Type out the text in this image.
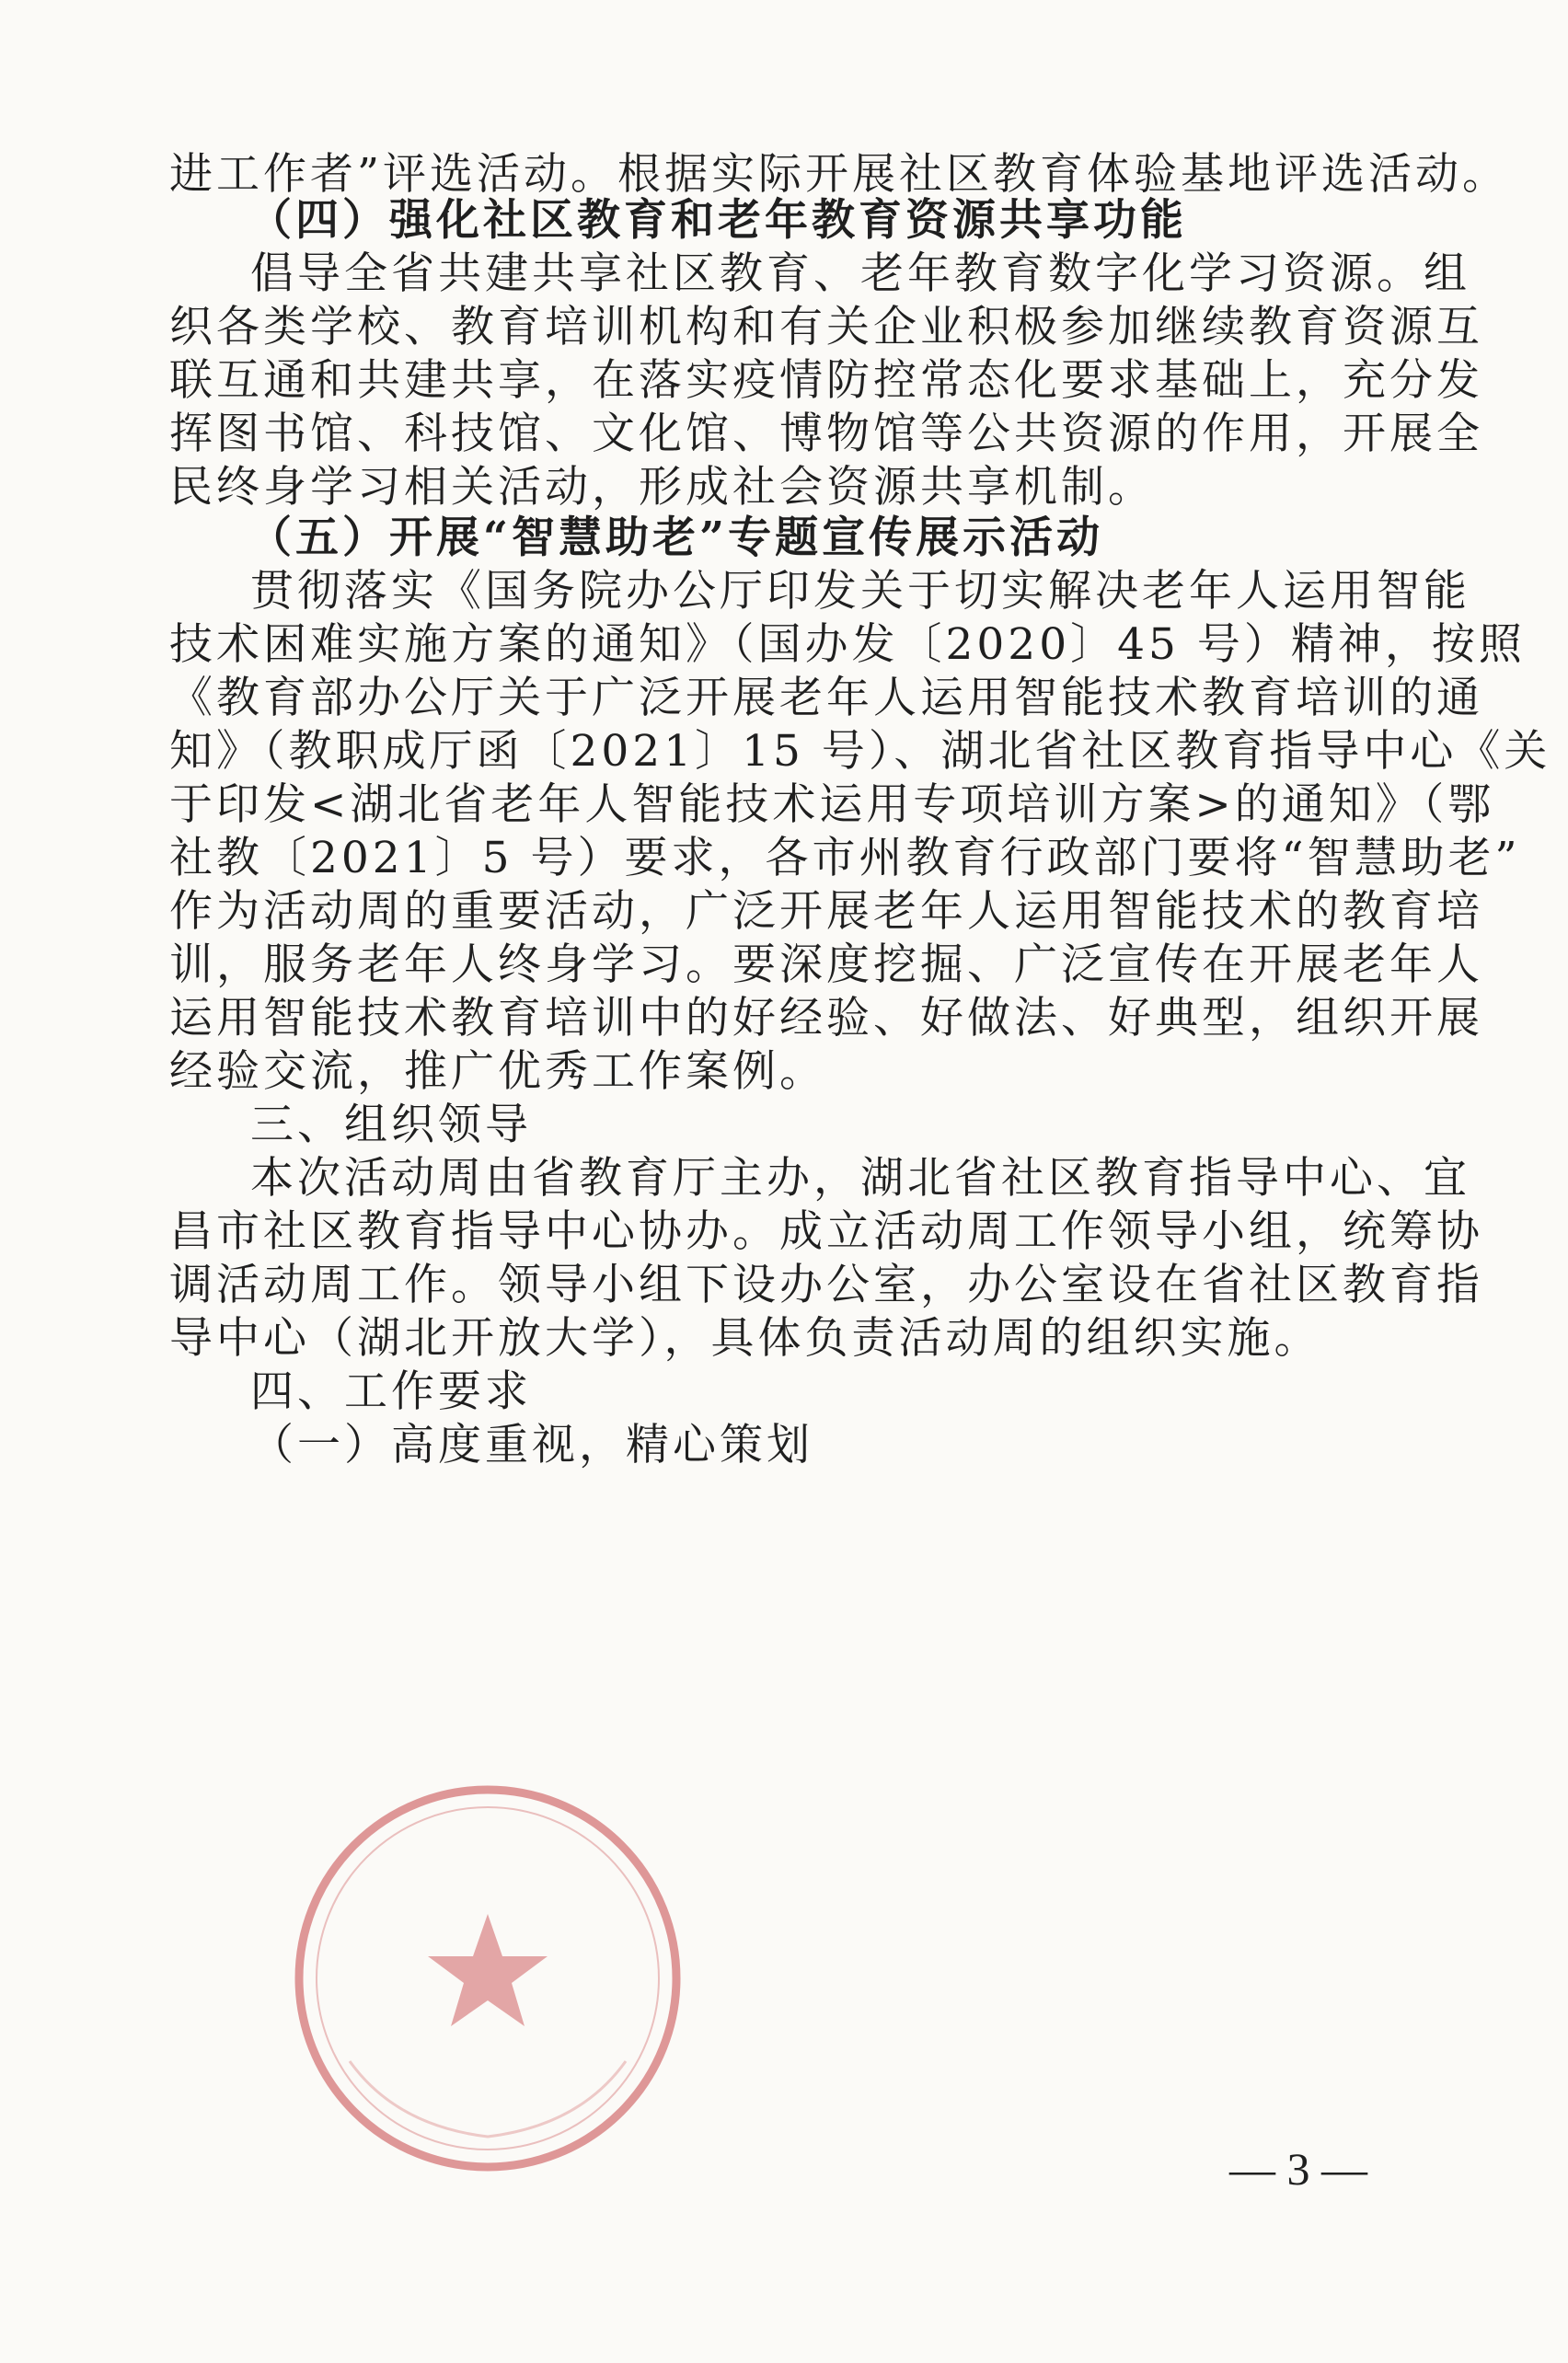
进工作者”评选活动。根据实际开展社区教育体验基地评选活动。
（四）强化社区教育和老年教育资源共享功能
倡导全省共建共享社区教育、老年教育数字化学习资源。组
织各类学校、教育培训机构和有关企业积极参加继续教育资源互
联互通和共建共享，在落实疫情防控常态化要求基础上，充分发
挥图书馆、科技馆、文化馆、博物馆等公共资源的作用，开展全
民终身学习相关活动，形成社会资源共享机制。
（五）开展“智慧助老”专题宣传展示活动
贯彻落实《国务院办公厅印发关于切实解决老年人运用智能
技术困难实施方案的通知》（国办发〔2020〕45 号）精神，按照
《教育部办公厅关于广泛开展老年人运用智能技术教育培训的通
知》（教职成厅函〔2021〕15 号）、湖北省社区教育指导中心《关
于印发<湖北省老年人智能技术运用专项培训方案>的通知》（鄂
社教〔2021〕5 号）要求，各市州教育行政部门要将“智慧助老”
作为活动周的重要活动，广泛开展老年人运用智能技术的教育培
训，服务老年人终身学习。要深度挖掘、广泛宣传在开展老年人
运用智能技术教育培训中的好经验、好做法、好典型，组织开展
经验交流，推广优秀工作案例。
三、组织领导
本次活动周由省教育厅主办，湖北省社区教育指导中心、宜
昌市社区教育指导中心协办。成立活动周工作领导小组，统筹协
调活动周工作。领导小组下设办公室，办公室设在省社区教育指
导中心（湖北开放大学），具体负责活动周的组织实施。
四、工作要求
（一）高度重视，精心策划
— 3 —
